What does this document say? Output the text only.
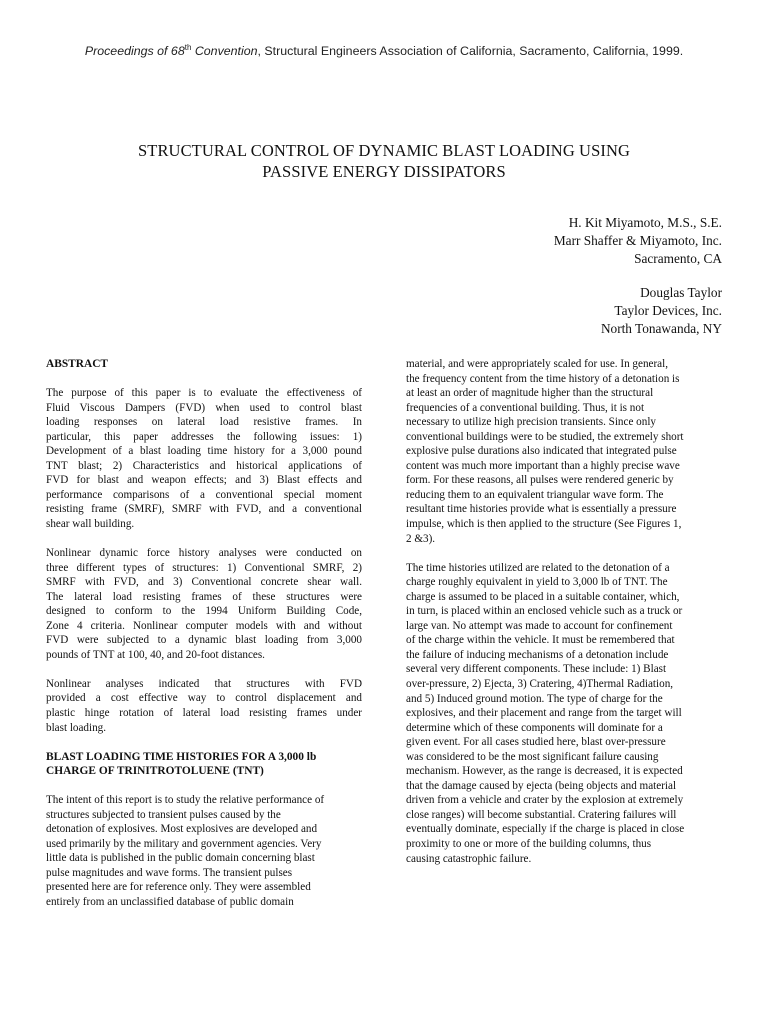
Proceedings of 68th Convention, Structural Engineers Association of California, Sacramento, California, 1999.
STRUCTURAL CONTROL OF DYNAMIC BLAST LOADING USING
PASSIVE ENERGY DISSIPATORS
H. Kit Miyamoto, M.S., S.E.
Marr Shaffer & Miyamoto, Inc.
Sacramento, CA
Douglas Taylor
Taylor Devices, Inc.
North Tonawanda, NY
ABSTRACT
The purpose of this paper is to evaluate the effectiveness of
Fluid Viscous Dampers (FVD) when used to control blast
loading responses on lateral load resistive frames. In
particular, this paper addresses the following issues: 1)
Development of a blast loading time history for a 3,000 pound
TNT blast; 2) Characteristics and historical applications of
FVD for blast and weapon effects; and 3) Blast effects and
performance comparisons of a conventional special moment
resisting frame (SMRF), SMRF with FVD, and a conventional
shear wall building.
Nonlinear dynamic force history analyses were conducted on
three different types of structures: 1) Conventional SMRF, 2)
SMRF with FVD, and 3) Conventional concrete shear wall.
The lateral load resisting frames of these structures were
designed to conform to the 1994 Uniform Building Code,
Zone 4 criteria. Nonlinear computer models with and without
FVD were subjected to a dynamic blast loading from 3,000
pounds of TNT at 100, 40, and 20-foot distances.
Nonlinear analyses indicated that structures with FVD
provided a cost effective way to control displacement and
plastic hinge rotation of lateral load resisting frames under
blast loading.
BLAST LOADING TIME HISTORIES FOR A 3,000 lb
CHARGE OF TRINITROTOLUENE (TNT)
The intent of this report is to study the relative performance of
structures subjected to transient pulses caused by the
detonation of explosives. Most explosives are developed and
used primarily by the military and government agencies. Very
little data is published in the public domain concerning blast
pulse magnitudes and wave forms. The transient pulses
presented here are for reference only. They were assembled
entirely from an unclassified database of public domain
material, and were appropriately scaled for use. In general,
the frequency content from the time history of a detonation is
at least an order of magnitude higher than the structural
frequencies of a conventional building. Thus, it is not
necessary to utilize high precision transients. Since only
conventional buildings were to be studied, the extremely short
explosive pulse durations also indicated that integrated pulse
content was much more important than a highly precise wave
form. For these reasons, all pulses were rendered generic by
reducing them to an equivalent triangular wave form. The
resultant time histories provide what is essentially a pressure
impulse, which is then applied to the structure (See Figures 1,
2 &3).
The time histories utilized are related to the detonation of a
charge roughly equivalent in yield to 3,000 lb of TNT. The
charge is assumed to be placed in a suitable container, which,
in turn, is placed within an enclosed vehicle such as a truck or
large van. No attempt was made to account for confinement
of the charge within the vehicle. It must be remembered that
the failure of inducing mechanisms of a detonation include
several very different components. These include: 1) Blast
over-pressure, 2) Ejecta, 3) Cratering, 4)Thermal Radiation,
and 5) Induced ground motion. The type of charge for the
explosives, and their placement and range from the target will
determine which of these components will dominate for a
given event. For all cases studied here, blast over-pressure
was considered to be the most significant failure causing
mechanism. However, as the range is decreased, it is expected
that the damage caused by ejecta (being objects and material
driven from a vehicle and crater by the explosion at extremely
close ranges) will become substantial. Cratering failures will
eventually dominate, especially if the charge is placed in close
proximity to one or more of the building columns, thus
causing catastrophic failure.
